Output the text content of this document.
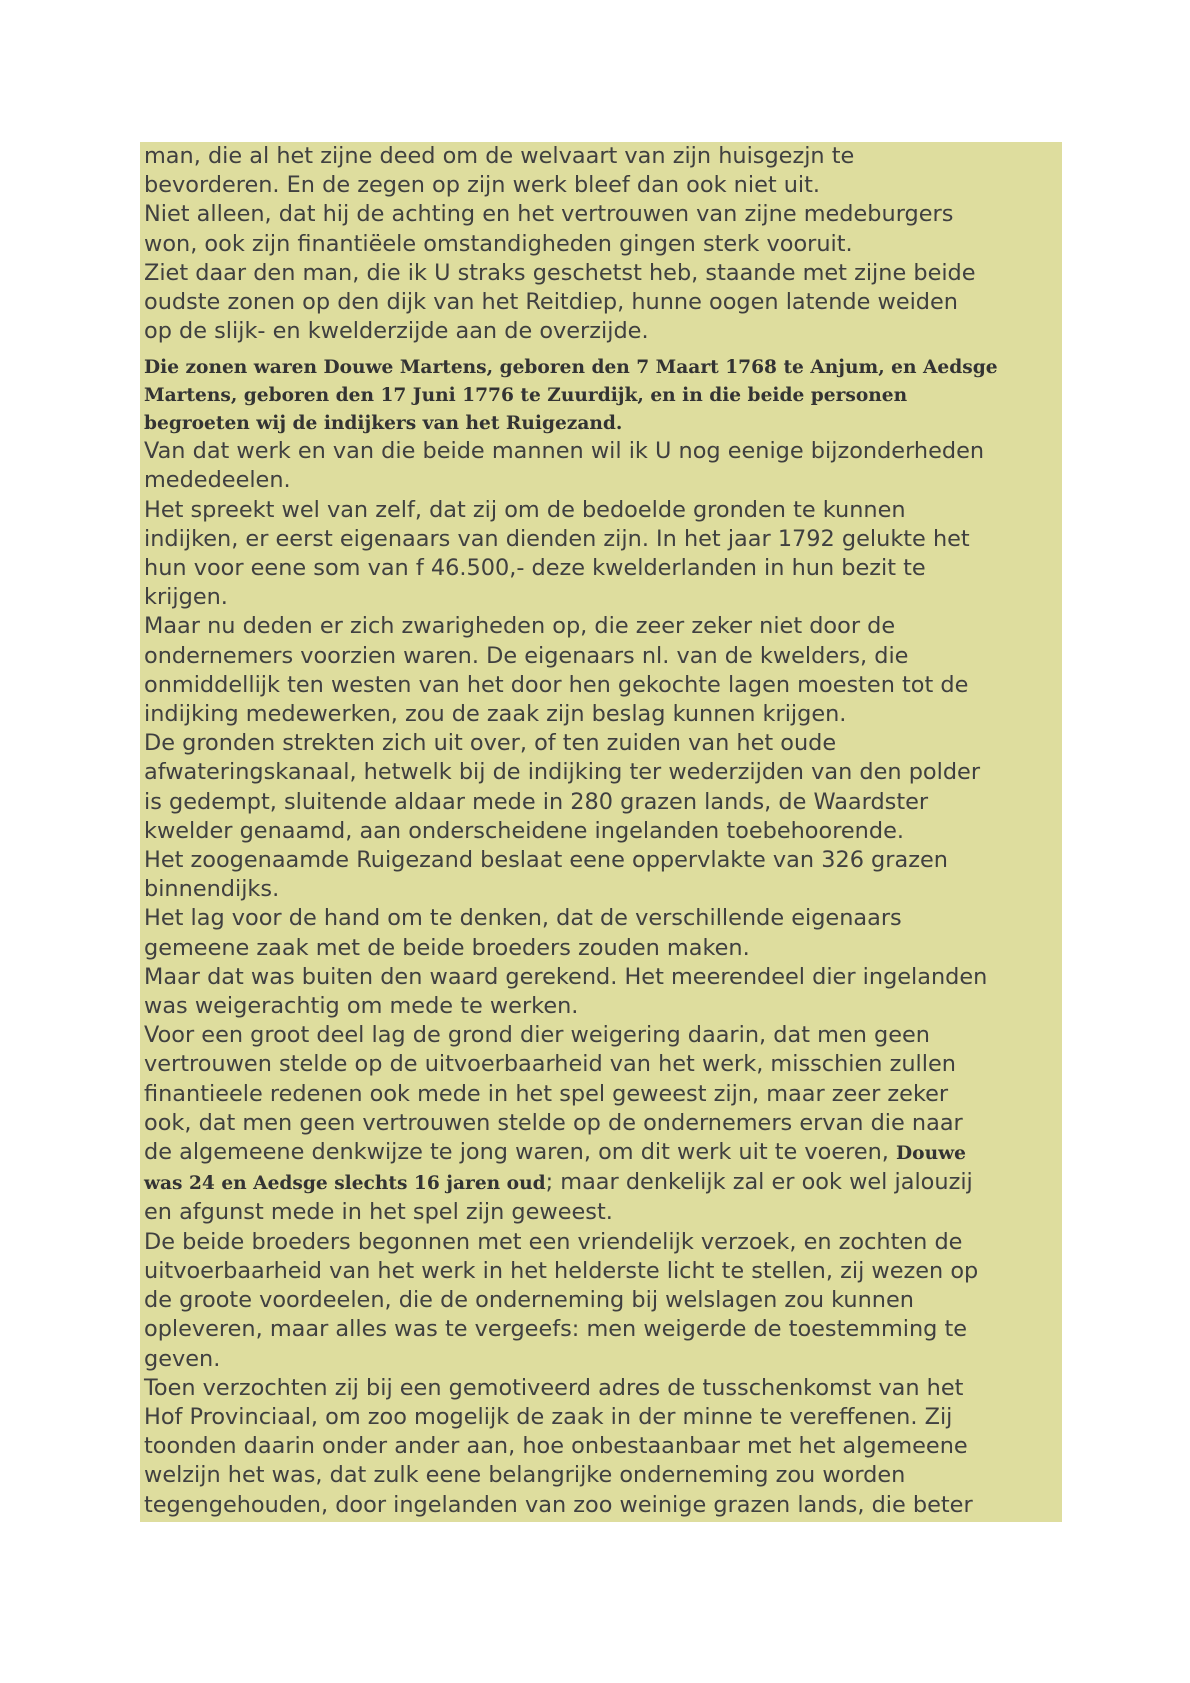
man, die al het zijne deed om de welvaart van zijn huisgezjn te
bevorderen. En de zegen op zijn werk bleef dan ook niet uit.
Niet alleen, dat hij de achting en het vertrouwen van zijne medeburgers
won, ook zijn finantiëele omstandigheden gingen sterk vooruit.
Ziet daar den man, die ik U straks geschetst heb, staande met zijne beide
oudste zonen op den dijk van het Reitdiep, hunne oogen latende weiden
op de slijk- en kwelderzijde aan de overzijde.
Die zonen waren Douwe Martens, geboren den 7 Maart 1768 te Anjum, en Aedsge
Martens, geboren den 17 Juni 1776 te Zuurdijk, en in die beide personen
begroeten wij de indijkers van het Ruigezand.
Van dat werk en van die beide mannen wil ik U nog eenige bijzonderheden
mededeelen.
Het spreekt wel van zelf, dat zij om de bedoelde gronden te kunnen
indijken, er eerst eigenaars van dienden zijn. In het jaar 1792 gelukte het
hun voor eene som van f 46.500,- deze kwelderlanden in hun bezit te
krijgen.
Maar nu deden er zich zwarigheden op, die zeer zeker niet door de
ondernemers voorzien waren. De eigenaars nl. van de kwelders, die
onmiddellijk ten westen van het door hen gekochte lagen moesten tot de
indijking medewerken, zou de zaak zijn beslag kunnen krijgen.
De gronden strekten zich uit over, of ten zuiden van het oude
afwateringskanaal, hetwelk bij de indijking ter wederzijden van den polder
is gedempt, sluitende aldaar mede in 280 grazen lands, de Waardster
kwelder genaamd, aan onderscheidene ingelanden toebehoorende.
Het zoogenaamde Ruigezand beslaat eene oppervlakte van 326 grazen
binnendijks.
Het lag voor de hand om te denken, dat de verschillende eigenaars
gemeene zaak met de beide broeders zouden maken.
Maar dat was buiten den waard gerekend. Het meerendeel dier ingelanden
was weigerachtig om mede te werken.
Voor een groot deel lag de grond dier weigering daarin, dat men geen
vertrouwen stelde op de uitvoerbaarheid van het werk, misschien zullen
finantieele redenen ook mede in het spel geweest zijn, maar zeer zeker
ook, dat men geen vertrouwen stelde op de ondernemers ervan die naar
de algemeene denkwijze te jong waren, om dit werk uit te voeren, Douwe
was 24 en Aedsge slechts 16 jaren oud; maar denkelijk zal er ook wel jalouzij
en afgunst mede in het spel zijn geweest.
De beide broeders begonnen met een vriendelijk verzoek, en zochten de
uitvoerbaarheid van het werk in het helderste licht te stellen, zij wezen op
de groote voordeelen, die de onderneming bij welslagen zou kunnen
opleveren, maar alles was te vergeefs: men weigerde de toestemming te
geven.
Toen verzochten zij bij een gemotiveerd adres de tusschenkomst van het
Hof Provinciaal, om zoo mogelijk de zaak in der minne te vereffenen. Zij
toonden daarin onder ander aan, hoe onbestaanbaar met het algemeene
welzijn het was, dat zulk eene belangrijke onderneming zou worden
tegengehouden, door ingelanden van zoo weinige grazen lands, die beter
